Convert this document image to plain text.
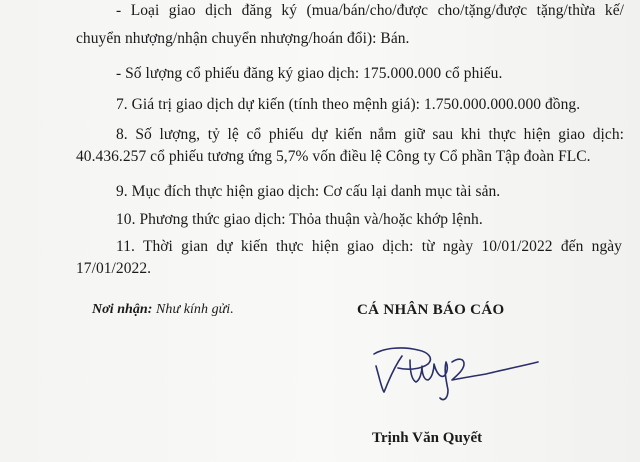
- Loại giao dịch đăng ký (mua/bán/cho/được cho/tặng/được tặng/thừa kế/
chuyển nhượng/nhận chuyển nhượng/hoán đổi): Bán.
- Số lượng cổ phiếu đăng ký giao dịch: 175.000.000 cổ phiếu.
7. Giá trị giao dịch dự kiến (tính theo mệnh giá): 1.750.000.000.000 đồng.
8. Số lượng, tỷ lệ cổ phiếu dự kiến nắm giữ sau khi thực hiện giao dịch:
40.436.257 cổ phiếu tương ứng 5,7% vốn điều lệ Công ty Cổ phần Tập đoàn FLC.
9. Mục đích thực hiện giao dịch: Cơ cấu lại danh mục tài sản.
10. Phương thức giao dịch: Thỏa thuận và/hoặc khớp lệnh.
11. Thời gian dự kiến thực hiện giao dịch: từ ngày 10/01/2022 đến ngày
17/01/2022.
Nơi nhận: Như kính gửi.	CÁ NHÂN BÁO CÁO
Trịnh Văn Quyết
